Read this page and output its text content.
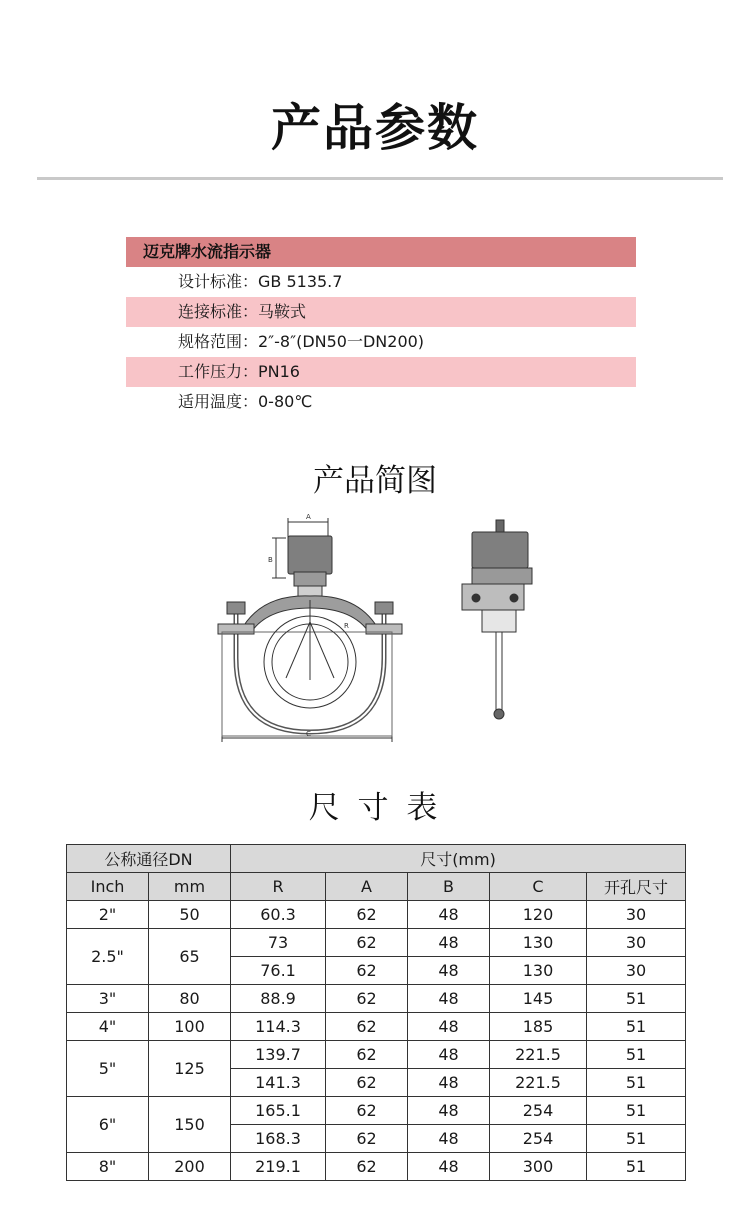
产品参数
迈克牌水流指示器
设计标准： GB 5135.7
连接标准： 马鞍式
规格范围： 2″-8″(DN50一DN200)
工作压力： PN16
适用温度： 0-80℃
产品简图
A
B
C
R
尺 寸 表
公称通径DN		尺寸(mm)				
Inch	mm	R	A	B	C	开孔尺寸
2"	50	60.3	62	48	120	30
2.5"	65	73	62	48	130	30
		76.1	62	48	130	30
3"	80	88.9	62	48	145	51
4"	100	114.3	62	48	185	51
5"	125	139.7	62	48	221.5	51
		141.3	62	48	221.5	51
6"	150	165.1	62	48	254	51
		168.3	62	48	254	51
8"	200	219.1	62	48	300	51
